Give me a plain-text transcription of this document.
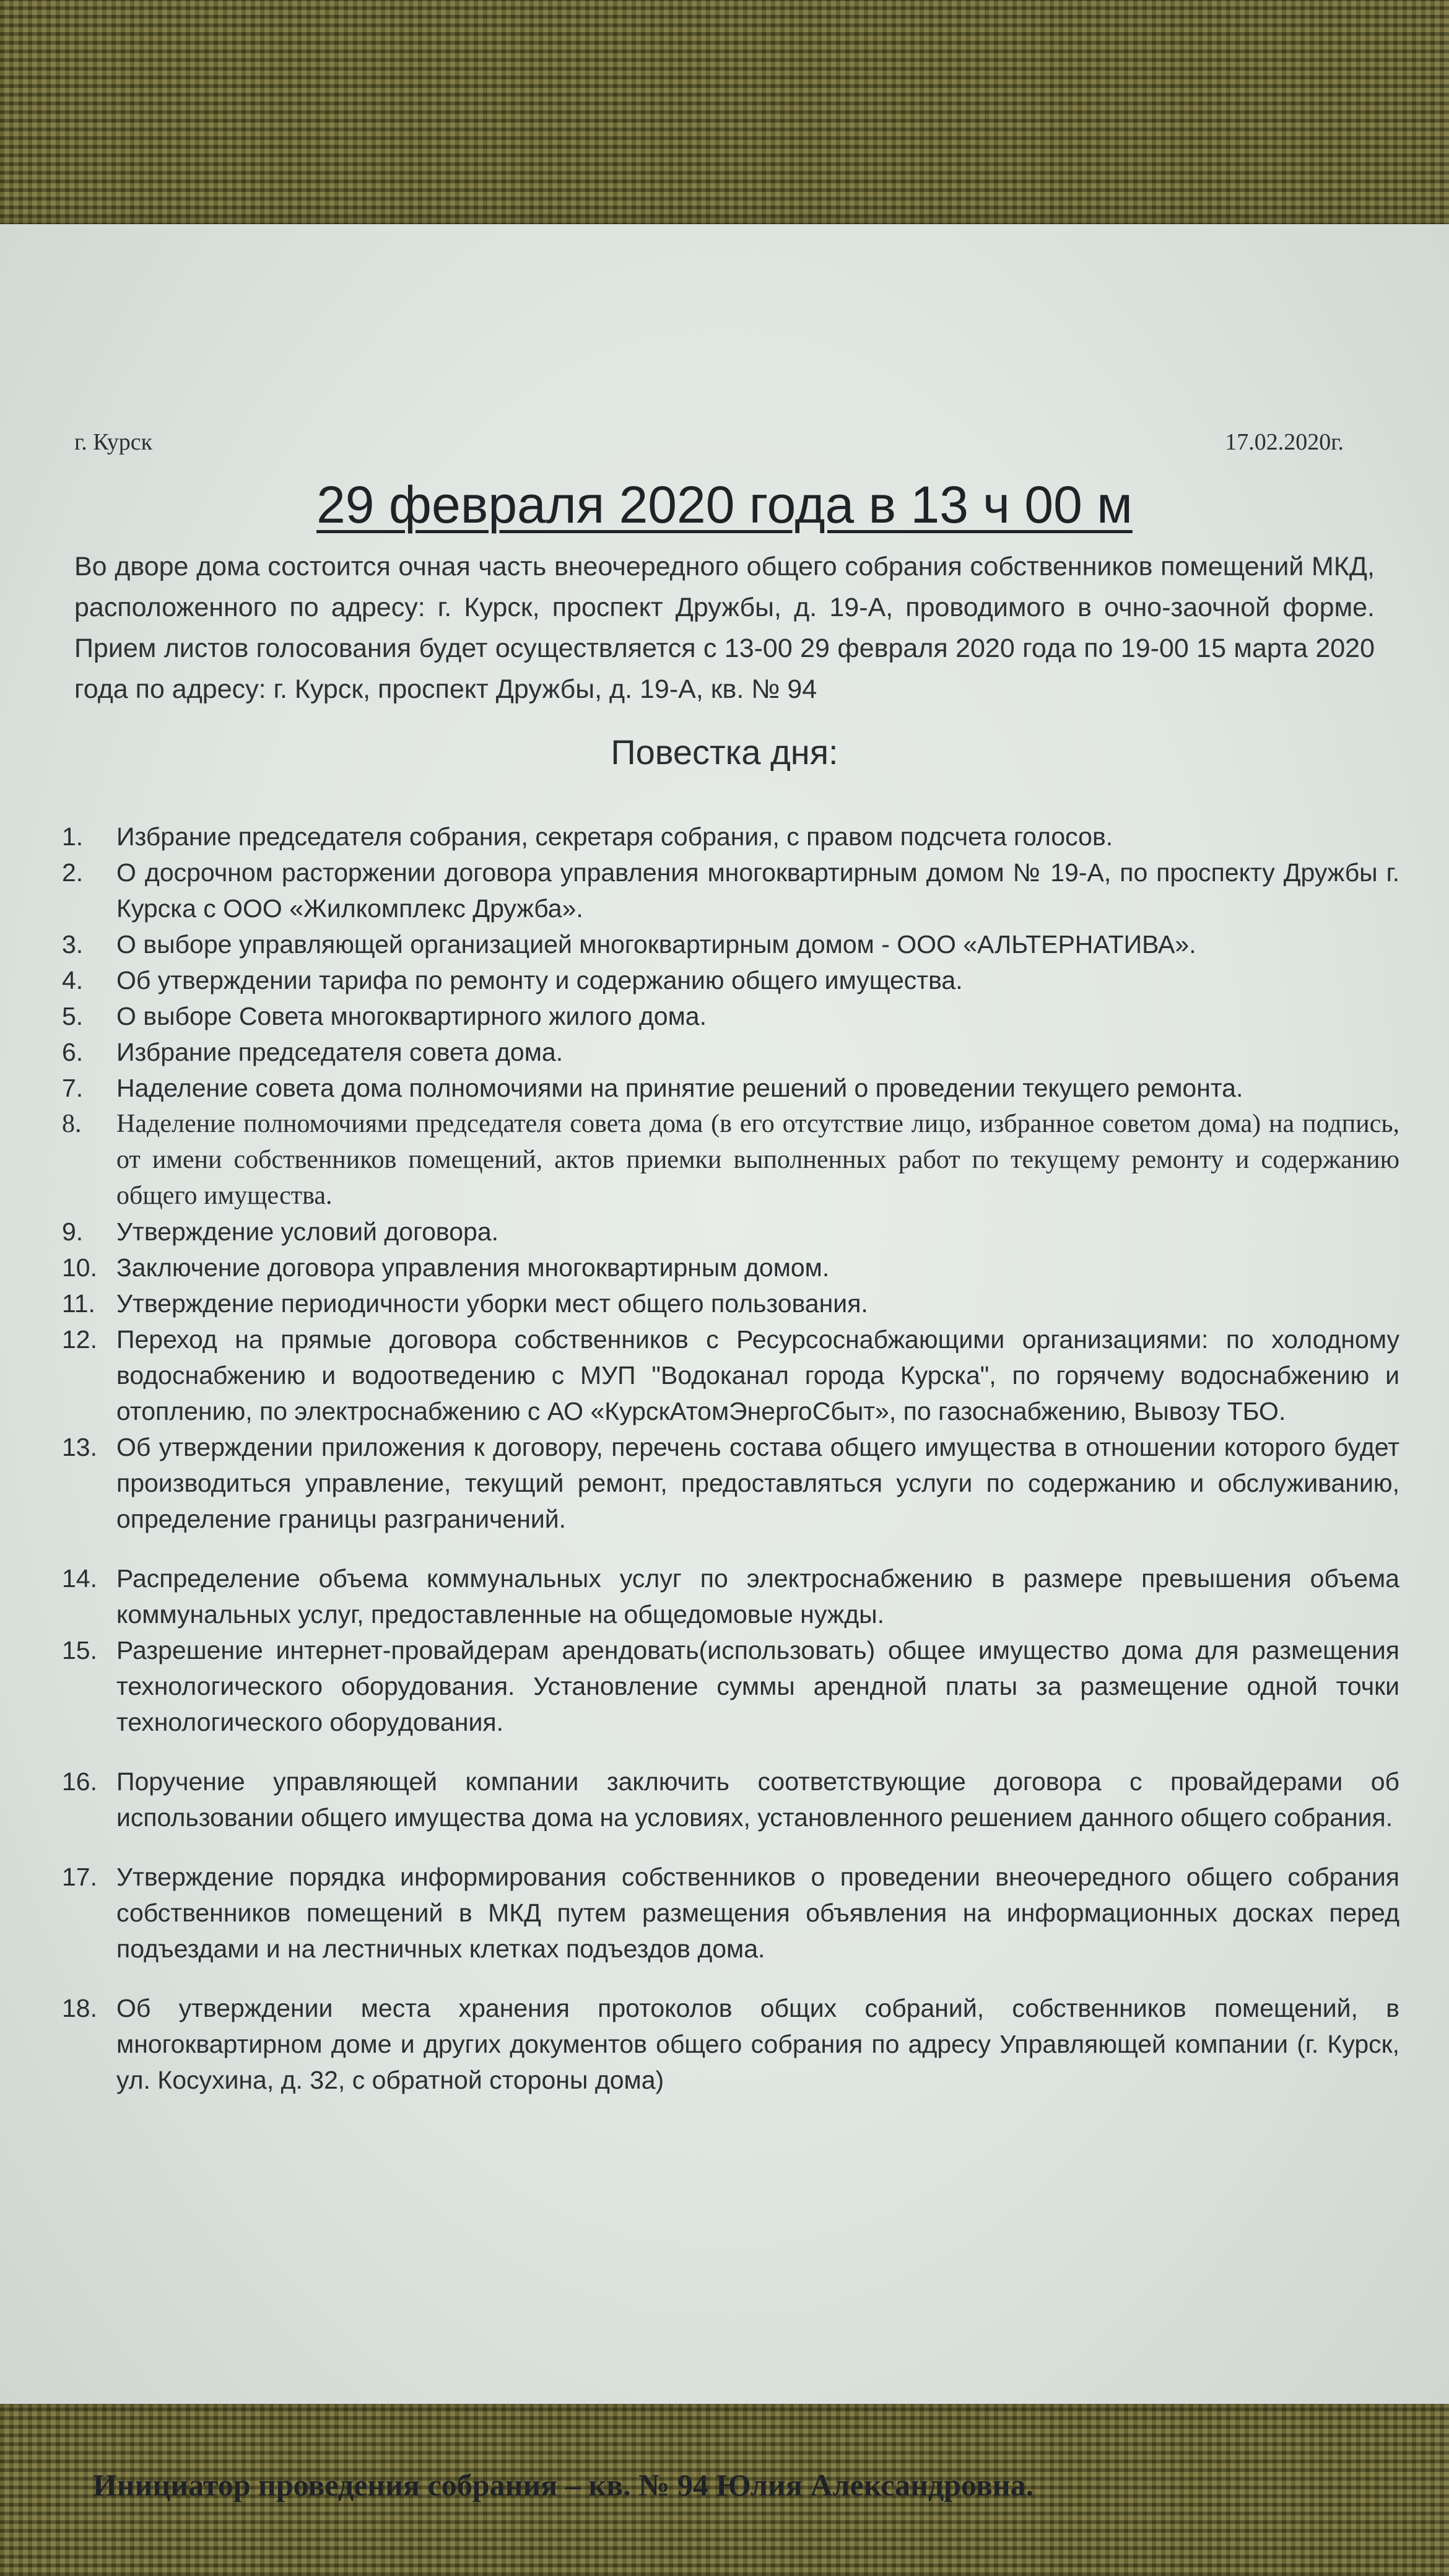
г. Курск	17.02.2020г.
29 февраля 2020 года в 13 ч 00 м
Во дворе дома состоится очная часть внеочередного общего собрания собственников помещений МКД, расположенного по адресу: г. Курск, проспект Дружбы, д. 19-А, проводимого в очно-заочной форме. Прием листов голосования будет осуществляется с 13-00 29 февраля 2020 года по 19-00 15 марта 2020 года по адресу: г. Курск, проспект Дружбы, д. 19-А, кв. № 94
Повестка дня:
1.	Избрание председателя собрания, секретаря собрания, с правом подсчета голосов.
2.	О досрочном расторжении договора управления многоквартирным домом № 19-А, по проспекту Дружбы г. Курска с ООО «Жилкомплекс Дружба».
3.	О выборе управляющей организацией многоквартирным домом - ООО «АЛЬТЕРНАТИВА».
4.	Об утверждении тарифа по ремонту и содержанию общего имущества.
5.	О выборе Совета многоквартирного жилого дома.
6.	Избрание председателя совета дома.
7.	Наделение совета дома полномочиями на принятие решений о проведении текущего ремонта.
8.	Наделение полномочиями председателя совета дома (в его отсутствие лицо, избранное советом дома) на подпись, от имени собственников помещений, актов приемки выполненных работ по текущему ремонту и содержанию общего имущества.
9.	Утверждение условий договора.
10. Заключение договора управления многоквартирным домом.
11. Утверждение периодичности уборки мест общего пользования.
12. Переход на прямые договора собственников с Ресурсоснабжающими организациями: по холодному водоснабжению и водоотведению с МУП "Водоканал города Курска", по горячему водоснабжению и отоплению, по электроснабжению с АО «КурскАтомЭнергоСбыт», по газоснабжению, Вывозу ТБО.
13. Об утверждении приложения к договору, перечень состава общего имущества в отношении которого будет производиться управление, текущий ремонт, предоставляться услуги по содержанию и обслуживанию, определение границы разграничений.
14. Распределение объема коммунальных услуг по электроснабжению в размере превышения объема коммунальных услуг, предоставленные на общедомовые нужды.
15. Разрешение интернет-провайдерам арендовать(использовать) общее имущество дома для размещения технологического оборудования. Установление суммы арендной платы за размещение одной точки технологического оборудования.
16. Поручение управляющей компании заключить соответствующие договора с провайдерами об использовании общего имущества дома на условиях, установленного решением данного общего собрания.
17. Утверждение порядка информирования собственников о проведении внеочередного общего собрания собственников помещений в МКД путем размещения объявления на информационных досках перед подъездами и на лестничных клетках подъездов дома.
18. Об утверждении места хранения протоколов общих собраний, собственников помещений, в многоквартирном доме и других документов общего собрания по адресу Управляющей компании (г. Курск, ул. Косухина, д. 32, с обратной стороны дома)
Инициатор проведения собрания – кв. № 94 Юлия Александровна.
